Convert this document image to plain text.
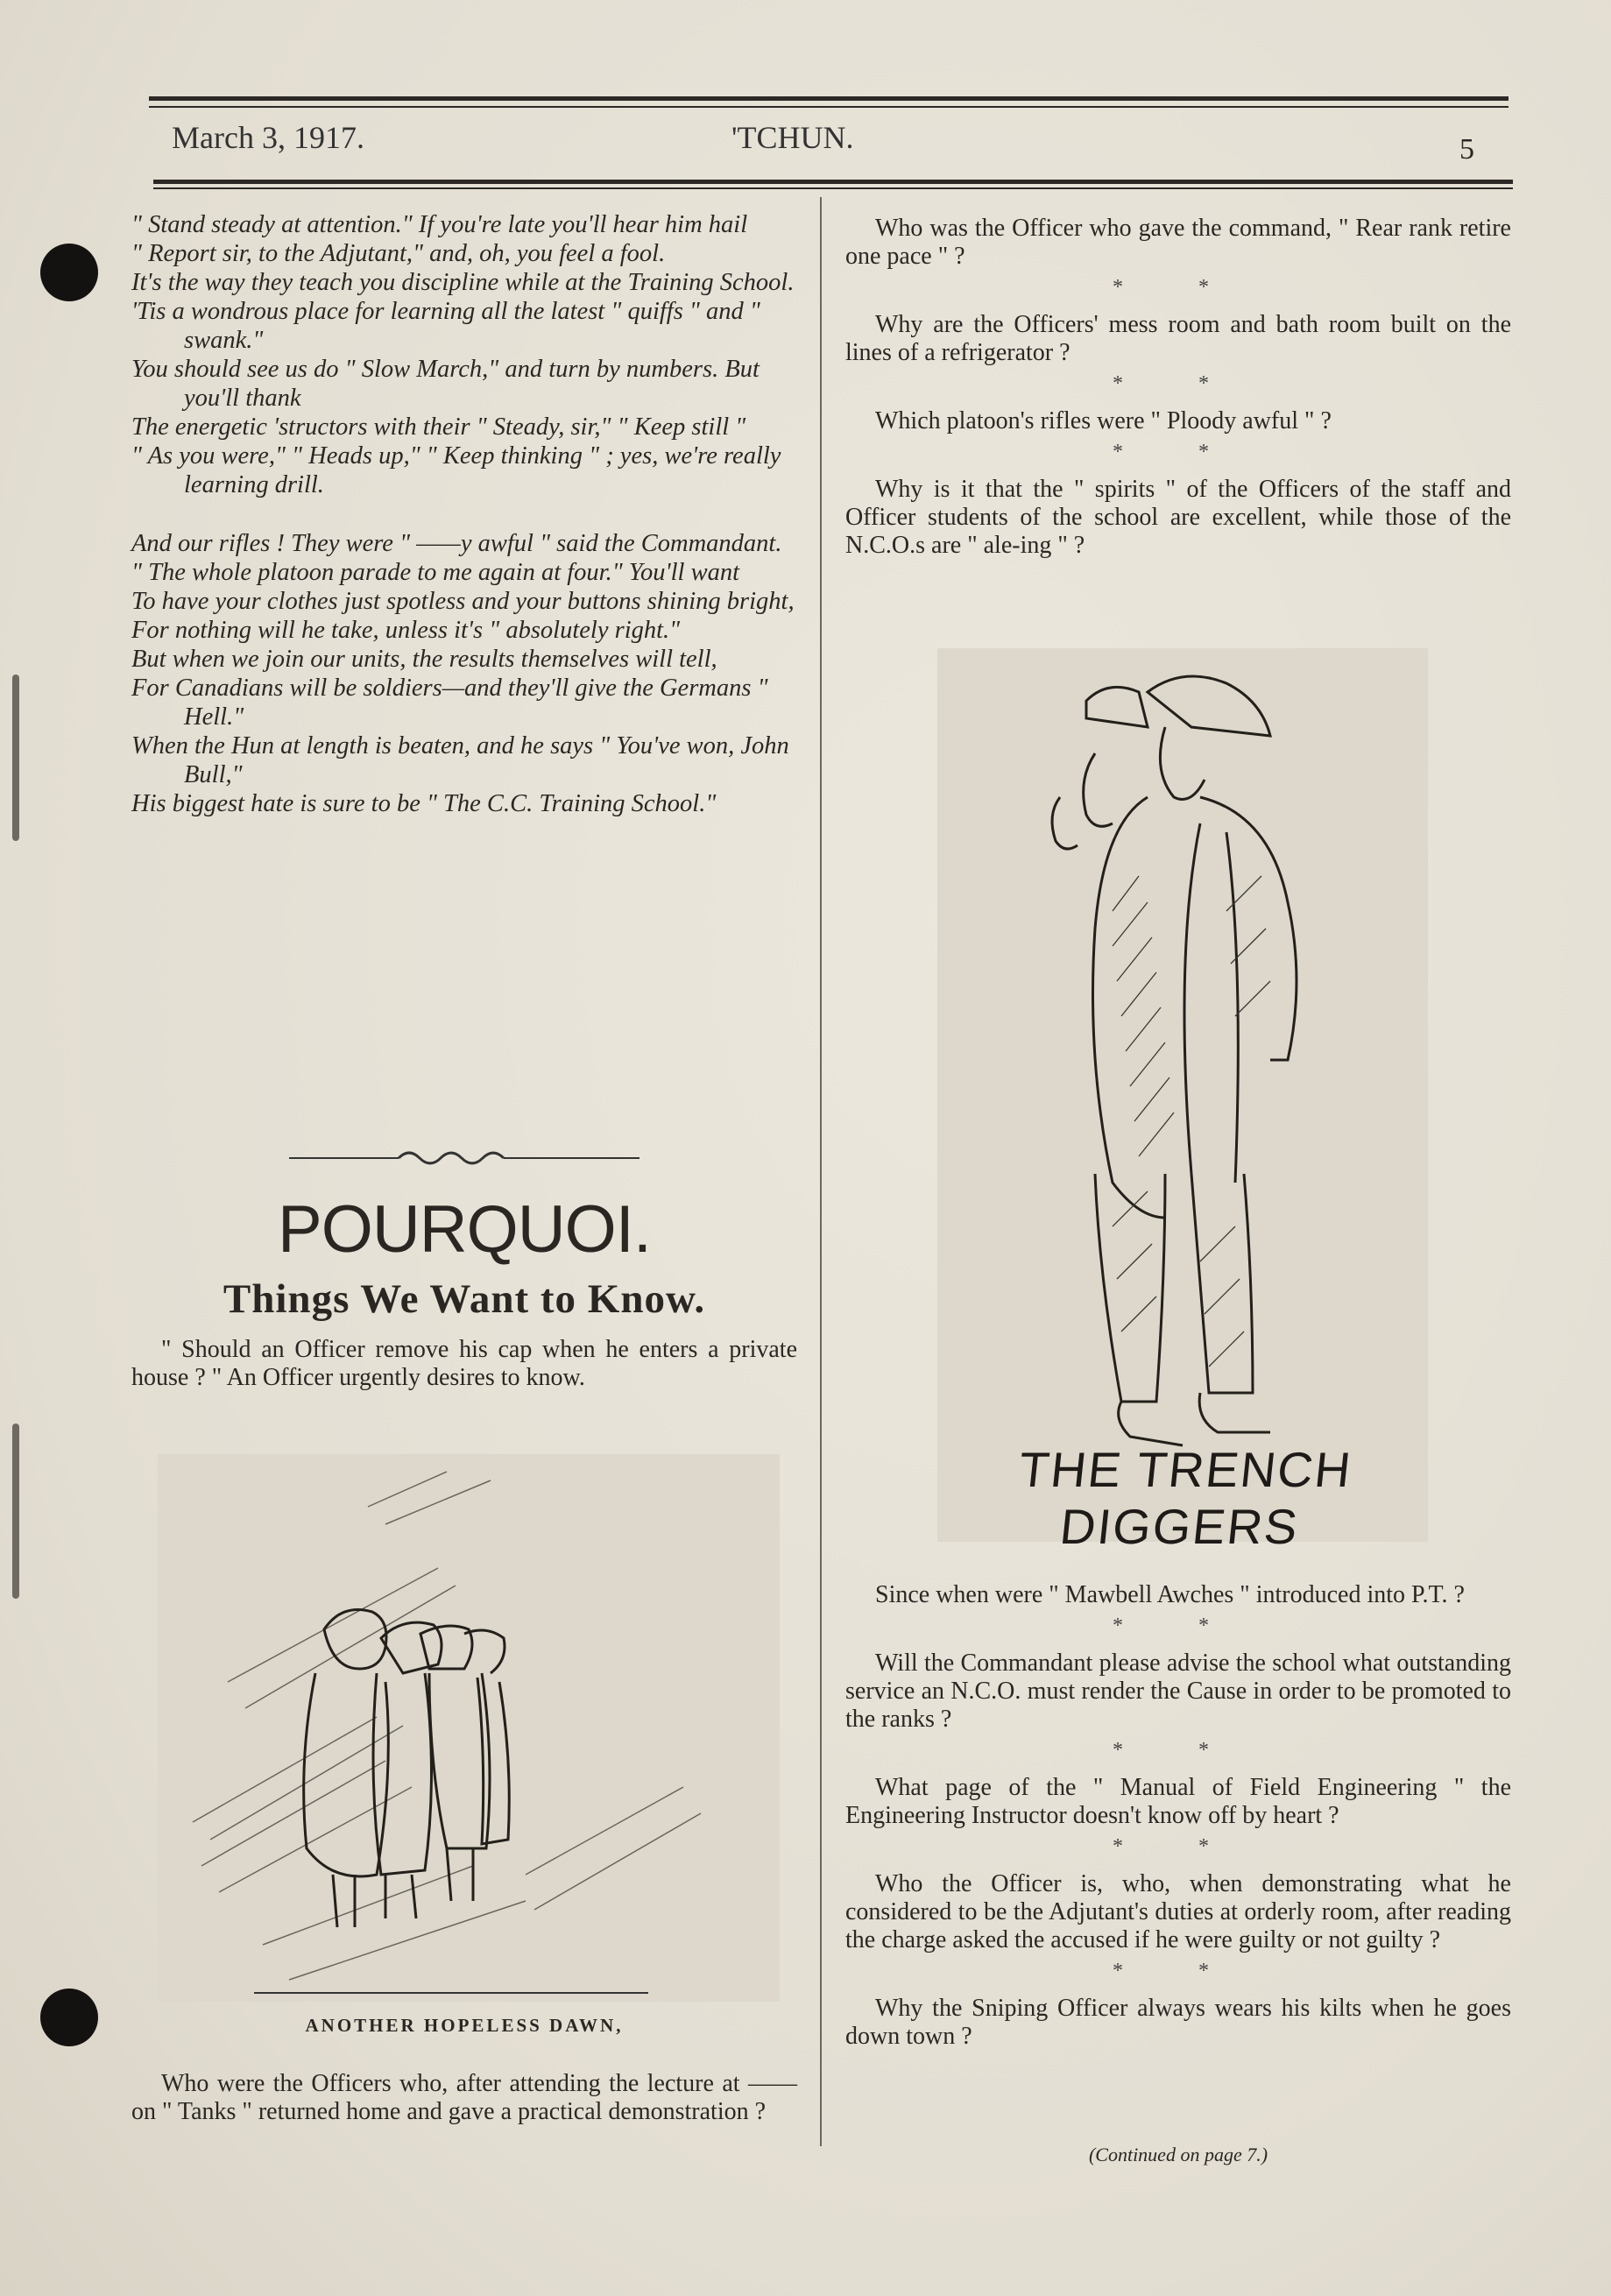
March 3, 1917.	'TCHUN.	5

" Stand steady at attention." If you're late you'll hear him hail

" Report sir, to the Adjutant," and, oh, you feel a fool.

It's the way they teach you discipline while at the Training School.

'Tis a wondrous place for learning all the latest " quiffs " and " swank."

You should see us do " Slow March," and turn by numbers. But you'll thank

The energetic 'structors with their " Steady, sir," " Keep still "

" As you were," " Heads up," " Keep thinking " ; yes, we're really learning drill.

And our rifles ! They were " ——y awful " said the Commandant.

" The whole platoon parade to me again at four." You'll want

To have your clothes just spotless and your buttons shining bright,

For nothing will he take, unless it's " absolutely right."

But when we join our units, the results themselves will tell,

For Canadians will be soldiers—and they'll give the Germans " Hell."

When the Hun at length is beaten, and he says " You've won, John Bull,"

His biggest hate is sure to be " The C.C. Training School."

POURQUOI.
Things We Want to Know.

" Should an Officer remove his cap when he enters a private house ? " An Officer urgently desires to know.

ANOTHER HOPELESS DAWN,

Who were the Officers who, after attending the lecture at —— on " Tanks " returned home and gave a practical demonstration ?

Who was the Officer who gave the command, " Rear rank retire one pace " ?

* *

Why are the Officers' mess room and bath room built on the lines of a refrigerator ?

* *

Which platoon's rifles were " Ploody awful " ?

* *

Why is it that the " spirits " of the Officers of the staff and Officer students of the school are excellent, while those of the N.C.O.s are " ale-ing " ?

THE TRENCH DIGGERS

Since when were " Mawbell Awches " introduced into P.T. ?

* *

Will the Commandant please advise the school what outstanding service an N.C.O. must render the Cause in order to be promoted to the ranks ?

* *

What page of the " Manual of Field Engineering " the Engineering Instructor doesn't know off by heart ?

* *

Who the Officer is, who, when demonstrating what he considered to be the Adjutant's duties at orderly room, after reading the charge asked the accused if he were guilty or not guilty ?

* *

Why the Sniping Officer always wears his kilts when he goes down town ?

(Continued on page 7.)
